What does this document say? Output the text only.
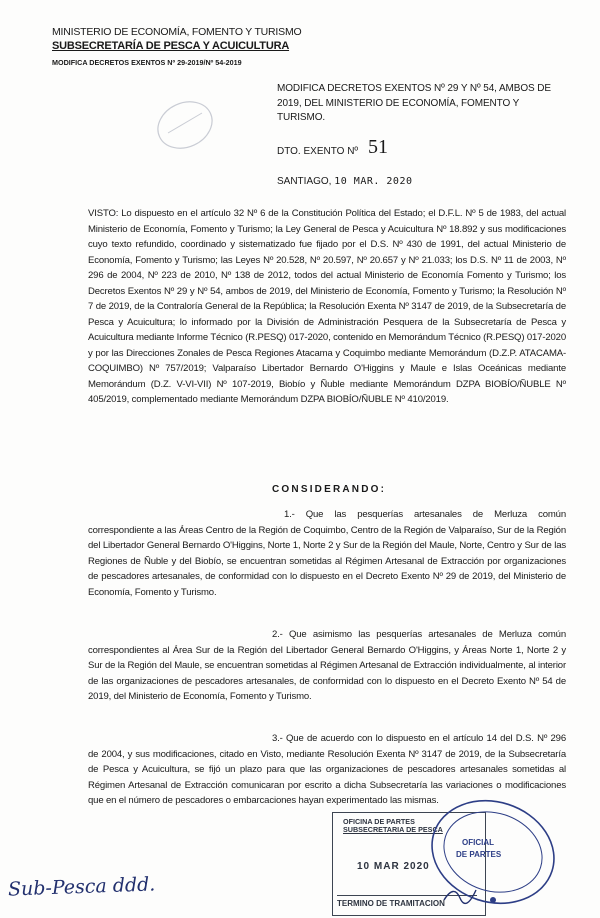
MINISTERIO DE ECONOMÍA, FOMENTO Y TURISMO
SUBSECRETARÍA DE PESCA Y ACUICULTURA
MODIFICA DECRETOS EXENTOS Nº 29-2019/Nº 54-2019
MODIFICA DECRETOS EXENTOS Nº 29 Y Nº 54, AMBOS DE 2019, DEL MINISTERIO DE ECONOMÍA, FOMENTO Y TURISMO.
DTO. EXENTO Nº 51
SANTIAGO, 10 MAR. 2020
VISTO: Lo dispuesto en el artículo 32 Nº 6 de la Constitución Política del Estado; el D.F.L. Nº 5 de 1983, del actual Ministerio de Economía, Fomento y Turismo; la Ley General de Pesca y Acuicultura Nº 18.892 y sus modificaciones cuyo texto refundido, coordinado y sistematizado fue fijado por el D.S. Nº 430 de 1991, del actual Ministerio de Economía, Fomento y Turismo; las Leyes Nº 20.528, Nº 20.597, Nº 20.657 y Nº 21.033; los D.S. Nº 11 de 2003, Nº 296 de 2004, Nº 223 de 2010, Nº 138 de 2012, todos del actual Ministerio de Economía Fomento y Turismo; los Decretos Exentos Nº 29 y Nº 54, ambos de 2019, del Ministerio de Economía, Fomento y Turismo; la Resolución Nº 7 de 2019, de la Contraloría General de la República; la Resolución Exenta Nº 3147 de 2019, de la Subsecretaría de Pesca y Acuicultura; lo informado por la División de Administración Pesquera de la Subsecretaría de Pesca y Acuicultura mediante Informe Técnico (R.PESQ) 017-2020, contenido en Memorándum Técnico (R.PESQ) 017-2020 y por las Direcciones Zonales de Pesca Regiones Atacama y Coquimbo mediante Memorándum (D.Z.P. ATACAMA-COQUIMBO) Nº 757/2019; Valparaíso Libertador Bernardo O'Higgins y Maule e Islas Oceánicas mediante Memorándum (D.Z. V-VI-VII) Nº 107-2019, Biobío y Ñuble mediante Memorándum DZPA BIOBÍO/ÑUBLE Nº 405/2019, complementado mediante Memorándum DZPA BIOBÍO/ÑUBLE Nº 410/2019.
CONSIDERANDO:
1.- Que las pesquerías artesanales de Merluza común correspondiente a las Áreas Centro de la Región de Coquimbo, Centro de la Región de Valparaíso, Sur de la Región del Libertador General Bernardo O'Higgins, Norte 1, Norte 2 y Sur de la Región del Maule, Norte, Centro y Sur de las Regiones de Ñuble y del Biobío, se encuentran sometidas al Régimen Artesanal de Extracción por organizaciones de pescadores artesanales, de conformidad con lo dispuesto en el Decreto Exento Nº 29 de 2019, del Ministerio de Economía, Fomento y Turismo.
2.- Que asimismo las pesquerías artesanales de Merluza común correspondientes al Área Sur de la Región del Libertador General Bernardo O'Higgins, y Áreas Norte 1, Norte 2 y Sur de la Región del Maule, se encuentran sometidas al Régimen Artesanal de Extracción individualmente, al interior de las organizaciones de pescadores artesanales, de conformidad con lo dispuesto en el Decreto Exento Nº 54 de 2019, del Ministerio de Economía, Fomento y Turismo.
3.- Que de acuerdo con lo dispuesto en el artículo 14 del D.S. Nº 296 de 2004, y sus modificaciones, citado en Visto, mediante Resolución Exenta Nº 3147 de 2019, de la Subsecretaría de Pesca y Acuicultura, se fijó un plazo para que las organizaciones de pescadores artesanales sometidas al Régimen Artesanal de Extracción comunicaran por escrito a dicha Subsecretaría las variaciones o modificaciones que en el número de pescadores o embarcaciones hayan experimentado las mismas.
OFICINA DE PARTES
SUBSECRETARIA DE PESCA
10 MAR 2020
TERMINO DE TRAMITACION
OFICIAL
DE PARTES
Sub-Pesca ddd.
